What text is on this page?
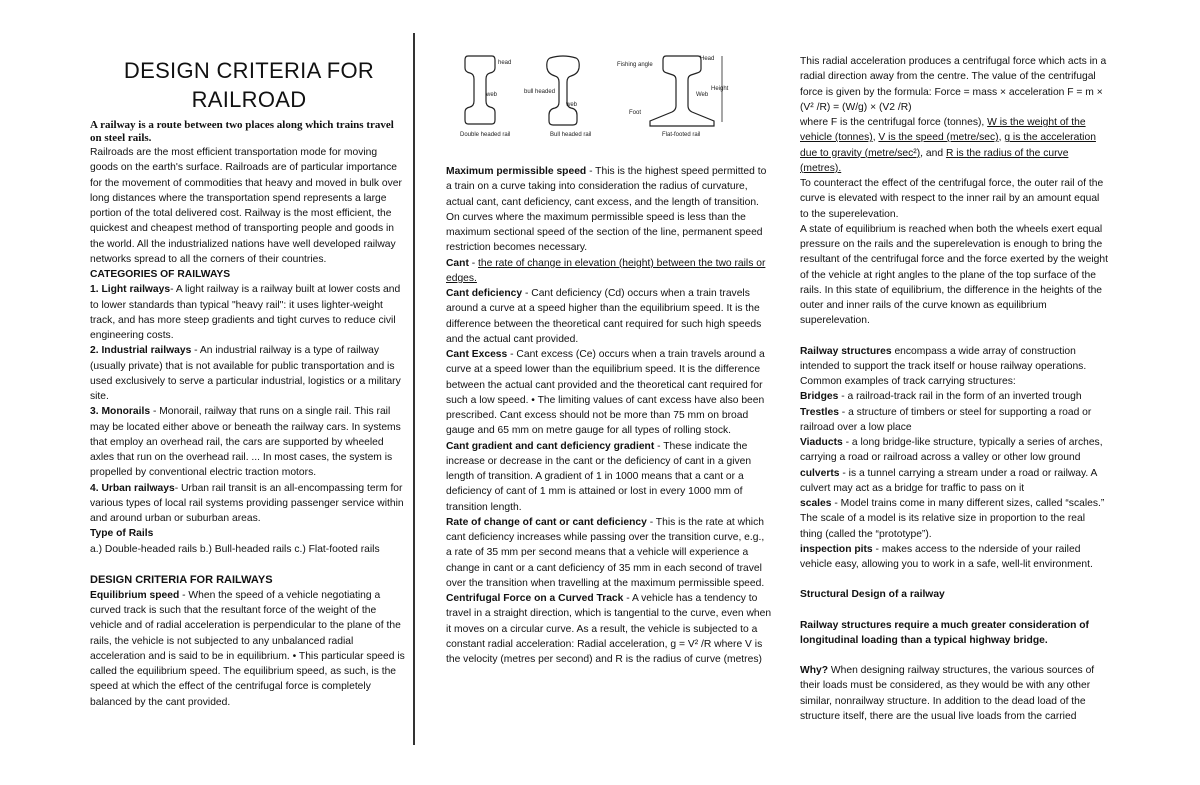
DESIGN CRITERIA FOR
RAILROAD

A railway is a route between two places along which trains travel on steel rails.

Railroads are the most efficient transportation mode for moving goods on the earth's surface. Railroads are of particular importance for the movement of commodities that heavy and moved in bulk over long distances where the transportation spend represents a large portion of the total delivered cost. Railway is the most efficient, the quickest and cheapest method of transporting people and goods in the world. All the industrialized nations have well developed railway networks spread to all the corners of their countries.

CATEGORIES OF RAILWAYS

1. Light railways- A light railway is a railway built at lower costs and to lower standards than typical "heavy rail": it uses lighter-weight track, and has more steep gradients and tight curves to reduce civil engineering costs.

2. Industrial railways - An industrial railway is a type of railway (usually private) that is not available for public transportation and is used exclusively to serve a particular industrial, logistics or a military site.

3. Monorails - Monorail, railway that runs on a single rail. This rail may be located either above or beneath the railway cars. In systems that employ an overhead rail, the cars are supported by wheeled axles that run on the overhead rail. ... In most cases, the system is propelled by conventional electric traction motors.

4. Urban railways- Urban rail transit is an all-encompassing term for various types of local rail systems providing passenger service within and around urban or suburban areas.

Type of Rails

a.) Double-headed rails b.) Bull-headed rails c.) Flat-footed rails

DESIGN CRITERIA FOR RAILWAYS

Equilibrium speed - When the speed of a vehicle negotiating a curved track is such that the resultant force of the weight of the vehicle and of radial acceleration is perpendicular to the plane of the rails, the vehicle is not subjected to any unbalanced radial acceleration and is said to be in equilibrium. • This particular speed is called the equilibrium speed. The equilibrium speed, as such, is the speed at which the effect of the centrifugal force is completely balanced by the cant provided.

head
web	bull headed
web
Fishing angle
Head
Web
Height
Foot
Double headed rail	Bull headed rail	Flat-footed rail

Maximum permissible speed - This is the highest speed permitted to a train on a curve taking into consideration the radius of curvature, actual cant, cant deficiency, cant excess, and the length of transition. On curves where the maximum permissible speed is less than the maximum sectional speed of the section of the line, permanent speed restriction becomes necessary.

Cant - the rate of change in elevation (height) between the two rails or edges.

Cant deficiency - Cant deficiency (Cd) occurs when a train travels around a curve at a speed higher than the equilibrium speed. It is the difference between the theoretical cant required for such high speeds and the actual cant provided.

Cant Excess - Cant excess (Ce) occurs when a train travels around a curve at a speed lower than the equilibrium speed. It is the difference between the actual cant provided and the theoretical cant required for such a low speed. • The limiting values of cant excess have also been prescribed. Cant excess should not be more than 75 mm on broad gauge and 65 mm on metre gauge for all types of rolling stock.

Cant gradient and cant deficiency gradient - These indicate the increase or decrease in the cant or the deficiency of cant in a given length of transition. A gradient of 1 in 1000 means that a cant or a deficiency of cant of 1 mm is attained or lost in every 1000 mm of transition length.

Rate of change of cant or cant deficiency - This is the rate at which cant deficiency increases while passing over the transition curve, e.g., a rate of 35 mm per second means that a vehicle will experience a change in cant or a cant deficiency of 35 mm in each second of travel over the transition when travelling at the maximum permissible speed.

Centrifugal Force on a Curved Track - A vehicle has a tendency to travel in a straight direction, which is tangential to the curve, even when it moves on a circular curve. As a result, the vehicle is subjected to a constant radial acceleration: Radial acceleration, g = V² /R where V is the velocity (metres per second) and R is the radius of curve (metres)

This radial acceleration produces a centrifugal force which acts in a radial direction away from the centre. The value of the centrifugal force is given by the formula: Force = mass × acceleration F = m × (V² /R) = (W/g) × (V2 /R)

where F is the centrifugal force (tonnes), W is the weight of the vehicle (tonnes), V is the speed (metre/sec), g is the acceleration due to gravity (metre/sec²), and R is the radius of the curve (metres).

To counteract the effect of the centrifugal force, the outer rail of the curve is elevated with respect to the inner rail by an amount equal to the superelevation.

A state of equilibrium is reached when both the wheels exert equal pressure on the rails and the superelevation is enough to bring the resultant of the centrifugal force and the force exerted by the weight of the vehicle at right angles to the plane of the top surface of the rails. In this state of equilibrium, the difference in the heights of the outer and inner rails of the curve known as equilibrium superelevation.

Railway structures encompass a wide array of construction intended to support the track itself or house railway operations. Common examples of track carrying structures:

Bridges - a railroad-track rail in the form of an inverted trough

Trestles - a structure of timbers or steel for supporting a road or railroad over a low place

Viaducts - a long bridge-like structure, typically a series of arches, carrying a road or railroad across a valley or other low ground

culverts - is a tunnel carrying a stream under a road or railway. A culvert may act as a bridge for traffic to pass on it

scales - Model trains come in many different sizes, called “scales.” The scale of a model is its relative size in proportion to the real thing (called the “prototype”).

inspection pits - makes access to the nderside of your railed vehicle easy, allowing you to work in a safe, well-lit environment.

Structural Design of a railway

Railway structures require a much greater consideration of longitudinal loading than a typical highway bridge.

Why? When designing railway structures, the various sources of their loads must be considered, as they would be with any other similar, nonrailway structure. In addition to the dead load of the structure itself, there are the usual live loads from the carried
